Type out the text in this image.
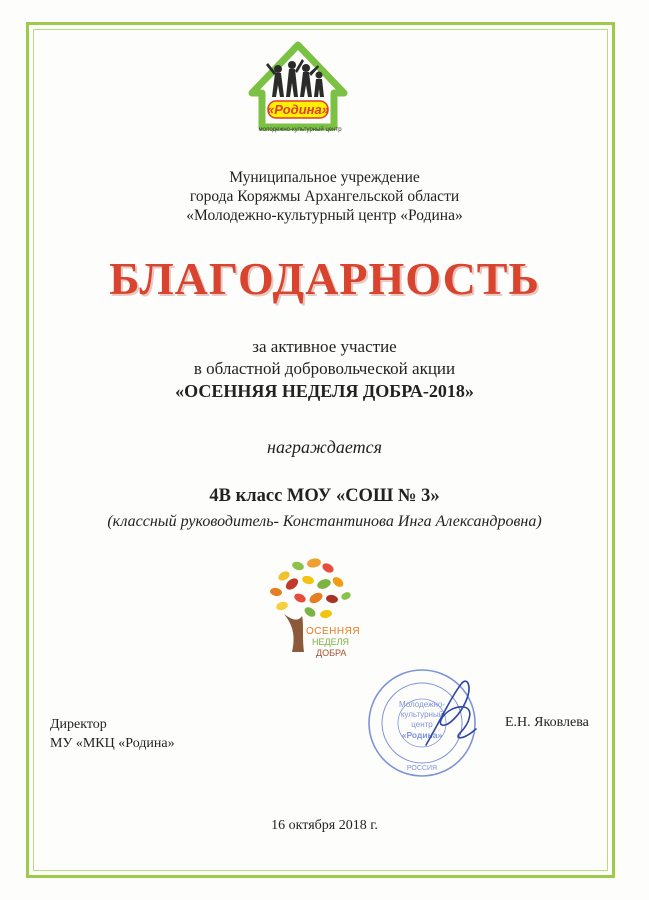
«Родина»
молодежно-культурный центр
Муниципальное учреждение
города Коряжмы Архангельской области
«Молодежно-культурный центр «Родина»
БЛАГОДАРНОСТЬ
за активное участие
в областной добровольческой акции
«ОСЕННЯЯ НЕДЕЛЯ ДОБРА-2018»
награждается
4В класс МОУ «СОШ № 3»
(классный руководитель- Константинова Инга Александровна)
ОСЕННЯЯ
НЕДЕЛЯ
ДОБРА
Директор
МУ «МКЦ «Родина»
Молодежно-
культурный
центр
«Родина»
РОССИЯ
Е.Н. Яковлева
16 октября 2018 г.
